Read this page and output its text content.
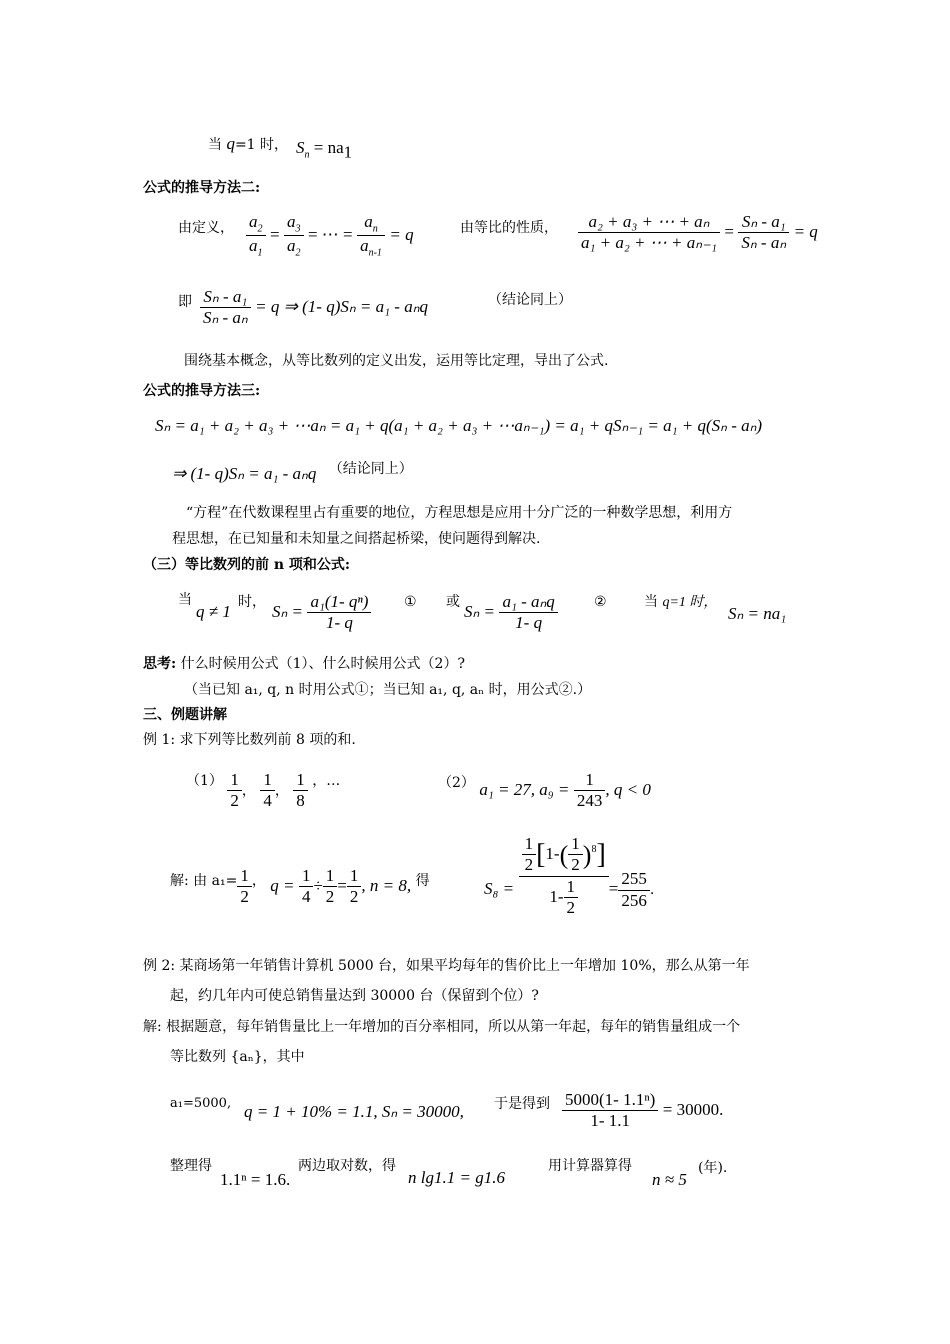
当 q=1 时， $S_n = na_1$
公式的推导方法二:
由定义， $\frac{a_2}{a_1} = \frac{a_3}{a_2}$ = ⋯ = $\frac{a_n}{a_{n-1}} = q$	由等比的性质， $\frac{\text{a₂ + a₃ + ⋯ + aₙ}}{\text{a₁ + a₂ + ⋯ + aₙ₋₁}} = \frac{\text{Sₙ - a₁}}{\text{Sₙ - aₙ}} = q$
即 $\frac{\text{Sₙ - a₁}}{\text{Sₙ - aₙ}} = q$ ⇒ (1- q)Sₙ = a₁ - aₙq	（结论同上）
围绕基本概念，从等比数列的定义出发，运用等比定理，导出了公式.
公式的推导方法三:
Sₙ = a₁ + a₂ + a₃ + ⋯aₙ = a₁ + q(a₁ + a₂ + a₃ + ⋯aₙ₋₁) = a₁ + qSₙ₋₁ = a₁ + q(Sₙ - aₙ)
⇒ (1- q)Sₙ = a₁ - aₙq （结论同上）
“方程”在代数课程里占有重要的地位，方程思想是应用十分广泛的一种数学思想，利用方
程思想，在已知量和未知量之间搭起桥梁，使问题得到解决.
（三）等比数列的前 n 项和公式:
当
q ≠ 1 时， $S_n = \frac{\text{a₁(1- qⁿ)}}{1- q}$ ① 或 $S_n = \frac{\text{a₁ - aₙq}}{1- q}$	②	当 q=1 时，
Sₙ = na₁
思考: 什么时候用公式（1）、什么时候用公式（2）?
（当已知 a₁, q, n 时用公式①；当已知 a₁, q, aₙ 时，用公式②.）
三、例题讲解
例 1: 求下列等比数列前 8 项的和.
$(1) \frac{1}{2}$ ， $\frac{1}{4}$ ， $\frac{1}{8}$ ，…	（2） a₁ = 27, $a_9 = \frac{1}{243}$ , q < 0
解: 由 $a_1= \frac{1}{2}$ ， $q = \frac{1}{4} \div \frac{1}{2} = \frac{1}{2}$ , n = 8, 得	$S_8 = \frac{\frac{1}{2} [1-( \frac{1}{2} )^8]}{1- \frac{1}{2}} = \frac{255}{256}$ .
例 2: 某商场第一年销售计算机 5000 台，如果平均每年的售价比上一年增加 10%，那么从第一年
起，约几年内可使总销售量达到 30000 台（保留到个位）?
解: 根据题意，每年销售量比上一年增加的百分率相同，所以从第一年起，每年的销售量组成一个
等比数列 {aₙ}，其中
a₁=5000, q = 1 + 10% = 1.1, Sₙ = 30000, 于是得到 $\frac{\text{5000(1- 1.1ⁿ)}}{1- 1.1} = 30000$.
整理得
1.1ⁿ = 1.6.
两边取对数，得
n lg1.1 = g1.6
用计算器算得
n ≈ 5
(年).
